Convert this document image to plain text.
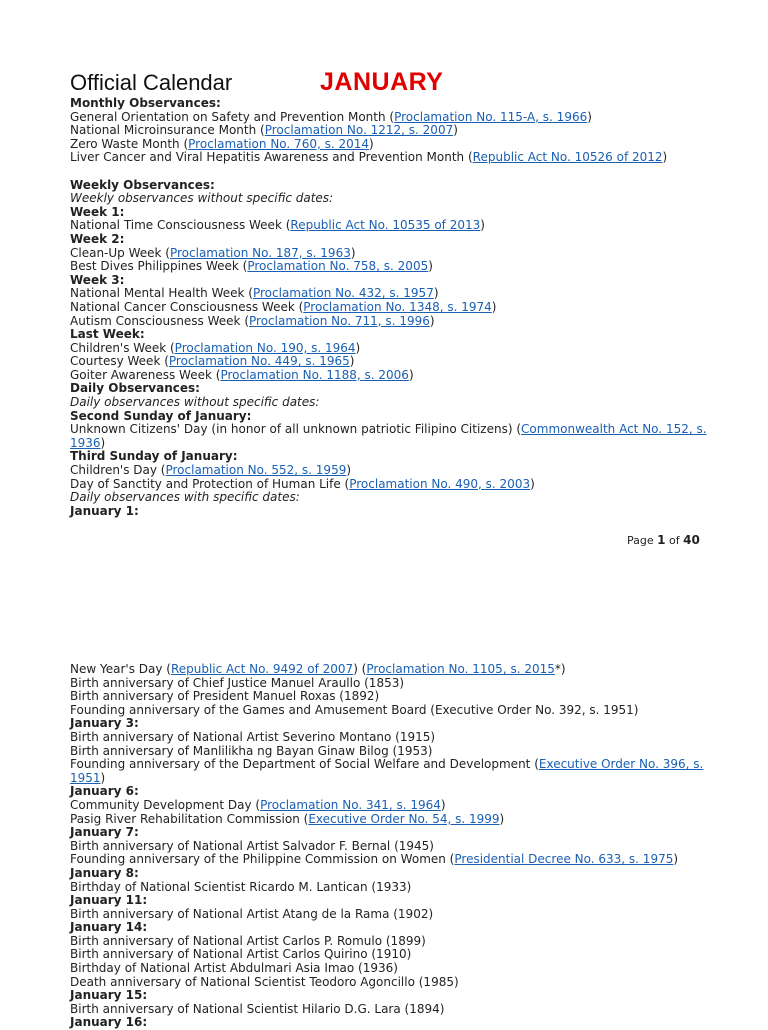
Official Calendar	JANUARY
Monthly Observances:
General Orientation on Safety and Prevention Month (Proclamation No. 115-A, s. 1966)
National Microinsurance Month (Proclamation No. 1212, s. 2007)
Zero Waste Month (Proclamation No. 760, s. 2014)
Liver Cancer and Viral Hepatitis Awareness and Prevention Month (Republic Act No. 10526 of 2012)

Weekly Observances:
Weekly observances without specific dates:
Week 1:
National Time Consciousness Week (Republic Act No. 10535 of 2013)
Week 2:
Clean-Up Week (Proclamation No. 187, s. 1963)
Best Dives Philippines Week (Proclamation No. 758, s. 2005)
Week 3:
National Mental Health Week (Proclamation No. 432, s. 1957)
National Cancer Consciousness Week (Proclamation No. 1348, s. 1974)
Autism Consciousness Week (Proclamation No. 711, s. 1996)
Last Week:
Children's Week (Proclamation No. 190, s. 1964)
Courtesy Week (Proclamation No. 449, s. 1965)
Goiter Awareness Week (Proclamation No. 1188, s. 2006)
Daily Observances:
Daily observances without specific dates:
Second Sunday of January:
Unknown Citizens' Day (in honor of all unknown patriotic Filipino Citizens) (Commonwealth Act No. 152, s. 1936)
Third Sunday of January:
Children's Day (Proclamation No. 552, s. 1959)
Day of Sanctity and Protection of Human Life (Proclamation No. 490, s. 2003)
Daily observances with specific dates:
January 1:
Page 1 of 40
New Year's Day (Republic Act No. 9492 of 2007) (Proclamation No. 1105, s. 2015*)
Birth anniversary of Chief Justice Manuel Araullo (1853)
Birth anniversary of President Manuel Roxas (1892)
Founding anniversary of the Games and Amusement Board (Executive Order No. 392, s. 1951)
January 3:
Birth anniversary of National Artist Severino Montano (1915)
Birth anniversary of Manlilikha ng Bayan Ginaw Bilog (1953)
Founding anniversary of the Department of Social Welfare and Development (Executive Order No. 396, s. 1951)
January 6:
Community Development Day (Proclamation No. 341, s. 1964)
Pasig River Rehabilitation Commission (Executive Order No. 54, s. 1999)
January 7:
Birth anniversary of National Artist Salvador F. Bernal (1945)
Founding anniversary of the Philippine Commission on Women (Presidential Decree No. 633, s. 1975)
January 8:
Birthday of National Scientist Ricardo M. Lantican (1933)
January 11:
Birth anniversary of National Artist Atang de la Rama (1902)
January 14:
Birth anniversary of National Artist Carlos P. Romulo (1899)
Birth anniversary of National Artist Carlos Quirino (1910)
Birthday of National Artist Abdulmari Asia Imao (1936)
Death anniversary of National Scientist Teodoro Agoncillo (1985)
January 15:
Birth anniversary of National Scientist Hilario D.G. Lara (1894)
January 16:
